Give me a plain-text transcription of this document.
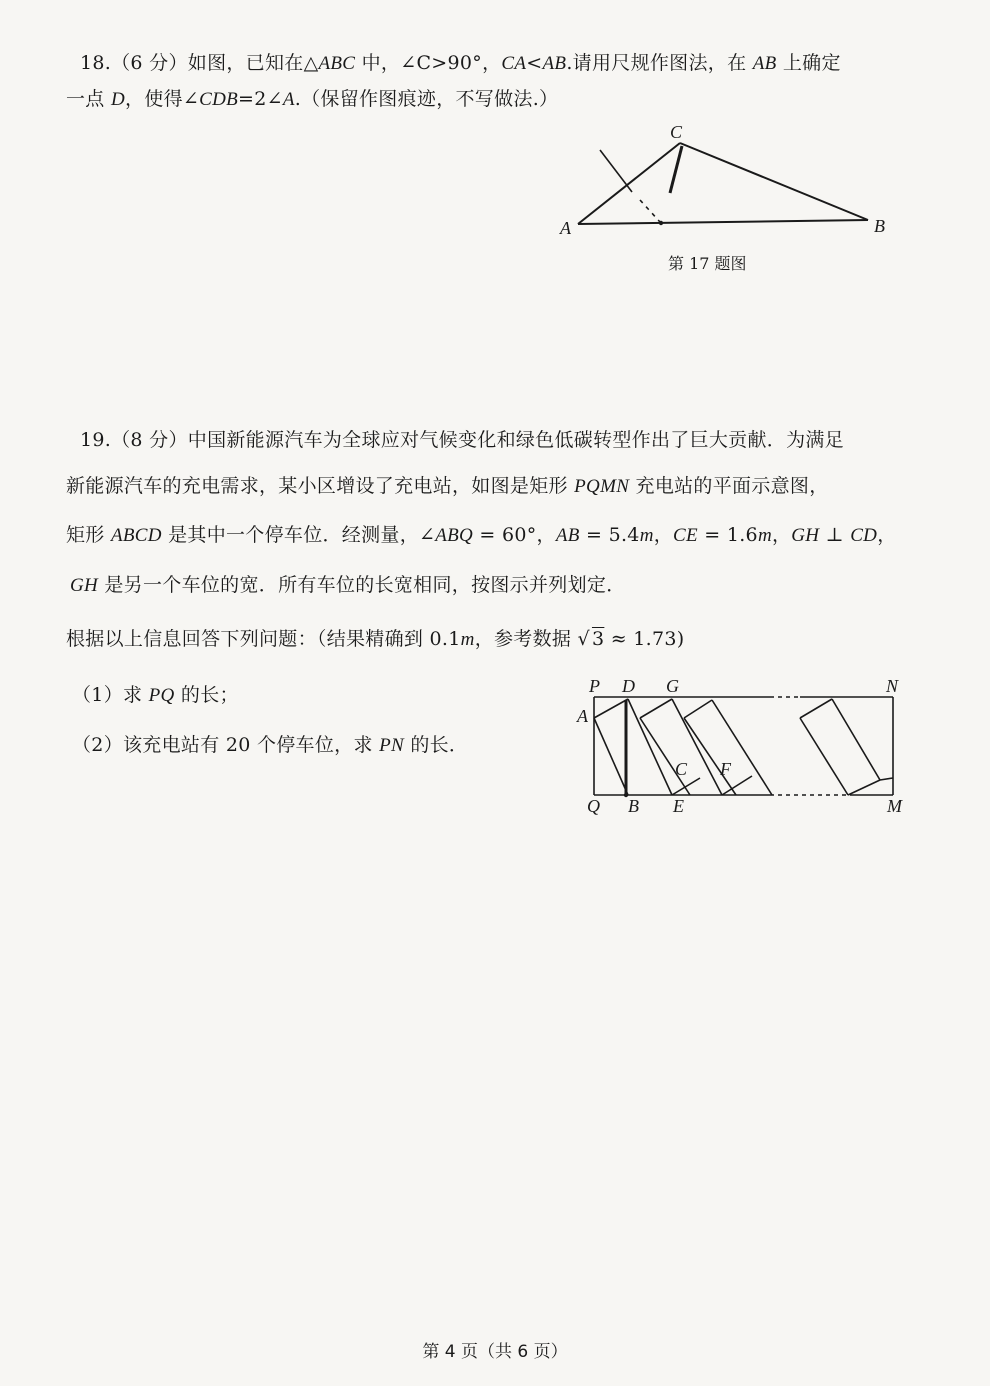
18.（6 分）如图，已知在△ABC 中，∠C>90°，CA<AB.请用尺规作图法，在 AB 上确定
一点 D，使得∠CDB=2∠A.（保留作图痕迹，不写做法.）
C
A	B
第 17 题图
19.（8 分）中国新能源汽车为全球应对气候变化和绿色低碳转型作出了巨大贡献．为满足
新能源汽车的充电需求，某小区增设了充电站，如图是矩形 PQMN 充电站的平面示意图，
矩形 ABCD 是其中一个停车位．经测量，∠ABQ = 60°，AB = 5.4m，CE = 1.6m，GH ⊥ CD，
GH 是另一个车位的宽．所有车位的长宽相同，按图示并列划定．
根据以上信息回答下列问题：（结果精确到 0.1m，参考数据 √ 3 ≈ 1.73)
（1）求 PQ 的长；
（2）该充电站有 20 个停车位，求 PN 的长．
P D G	N
A
C F
Q B E	M
第 4 页（共 6 页）
